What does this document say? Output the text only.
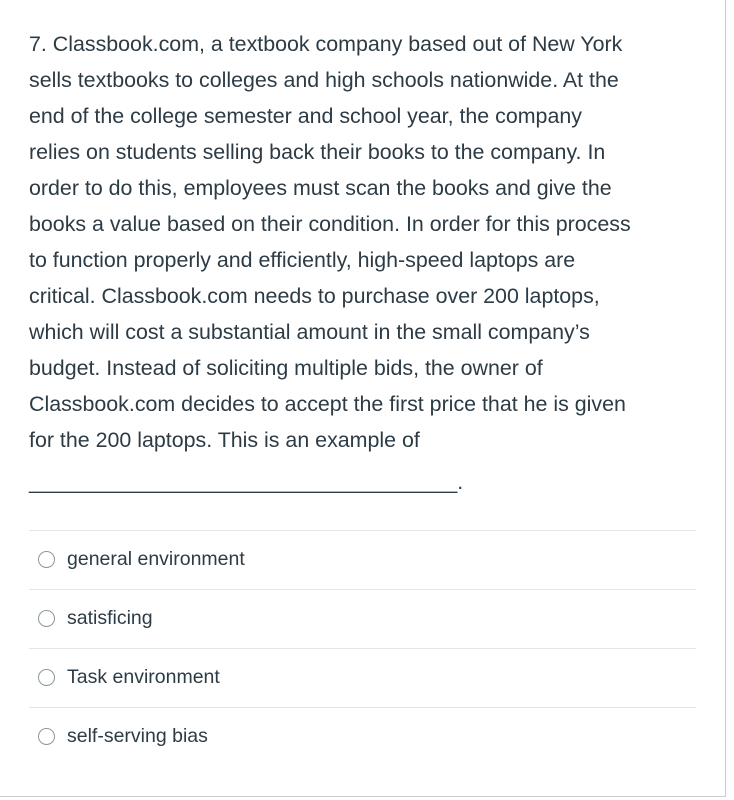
7. Classbook.com, a textbook company based out of New York
sells textbooks to colleges and high schools nationwide. At the
end of the college semester and school year, the company
relies on students selling back their books to the company. In
order to do this, employees must scan the books and give the
books a value based on their condition. In order for this process
to function properly and efficiently, high-speed laptops are
critical. Classbook.com needs to purchase over 200 laptops,
which will cost a substantial amount in the small company’s
budget. Instead of soliciting multiple bids, the owner of
Classbook.com decides to accept the first price that he is given
for the 200 laptops. This is an example of
____________________________________.
general environment
satisficing
Task environment
self-serving bias
